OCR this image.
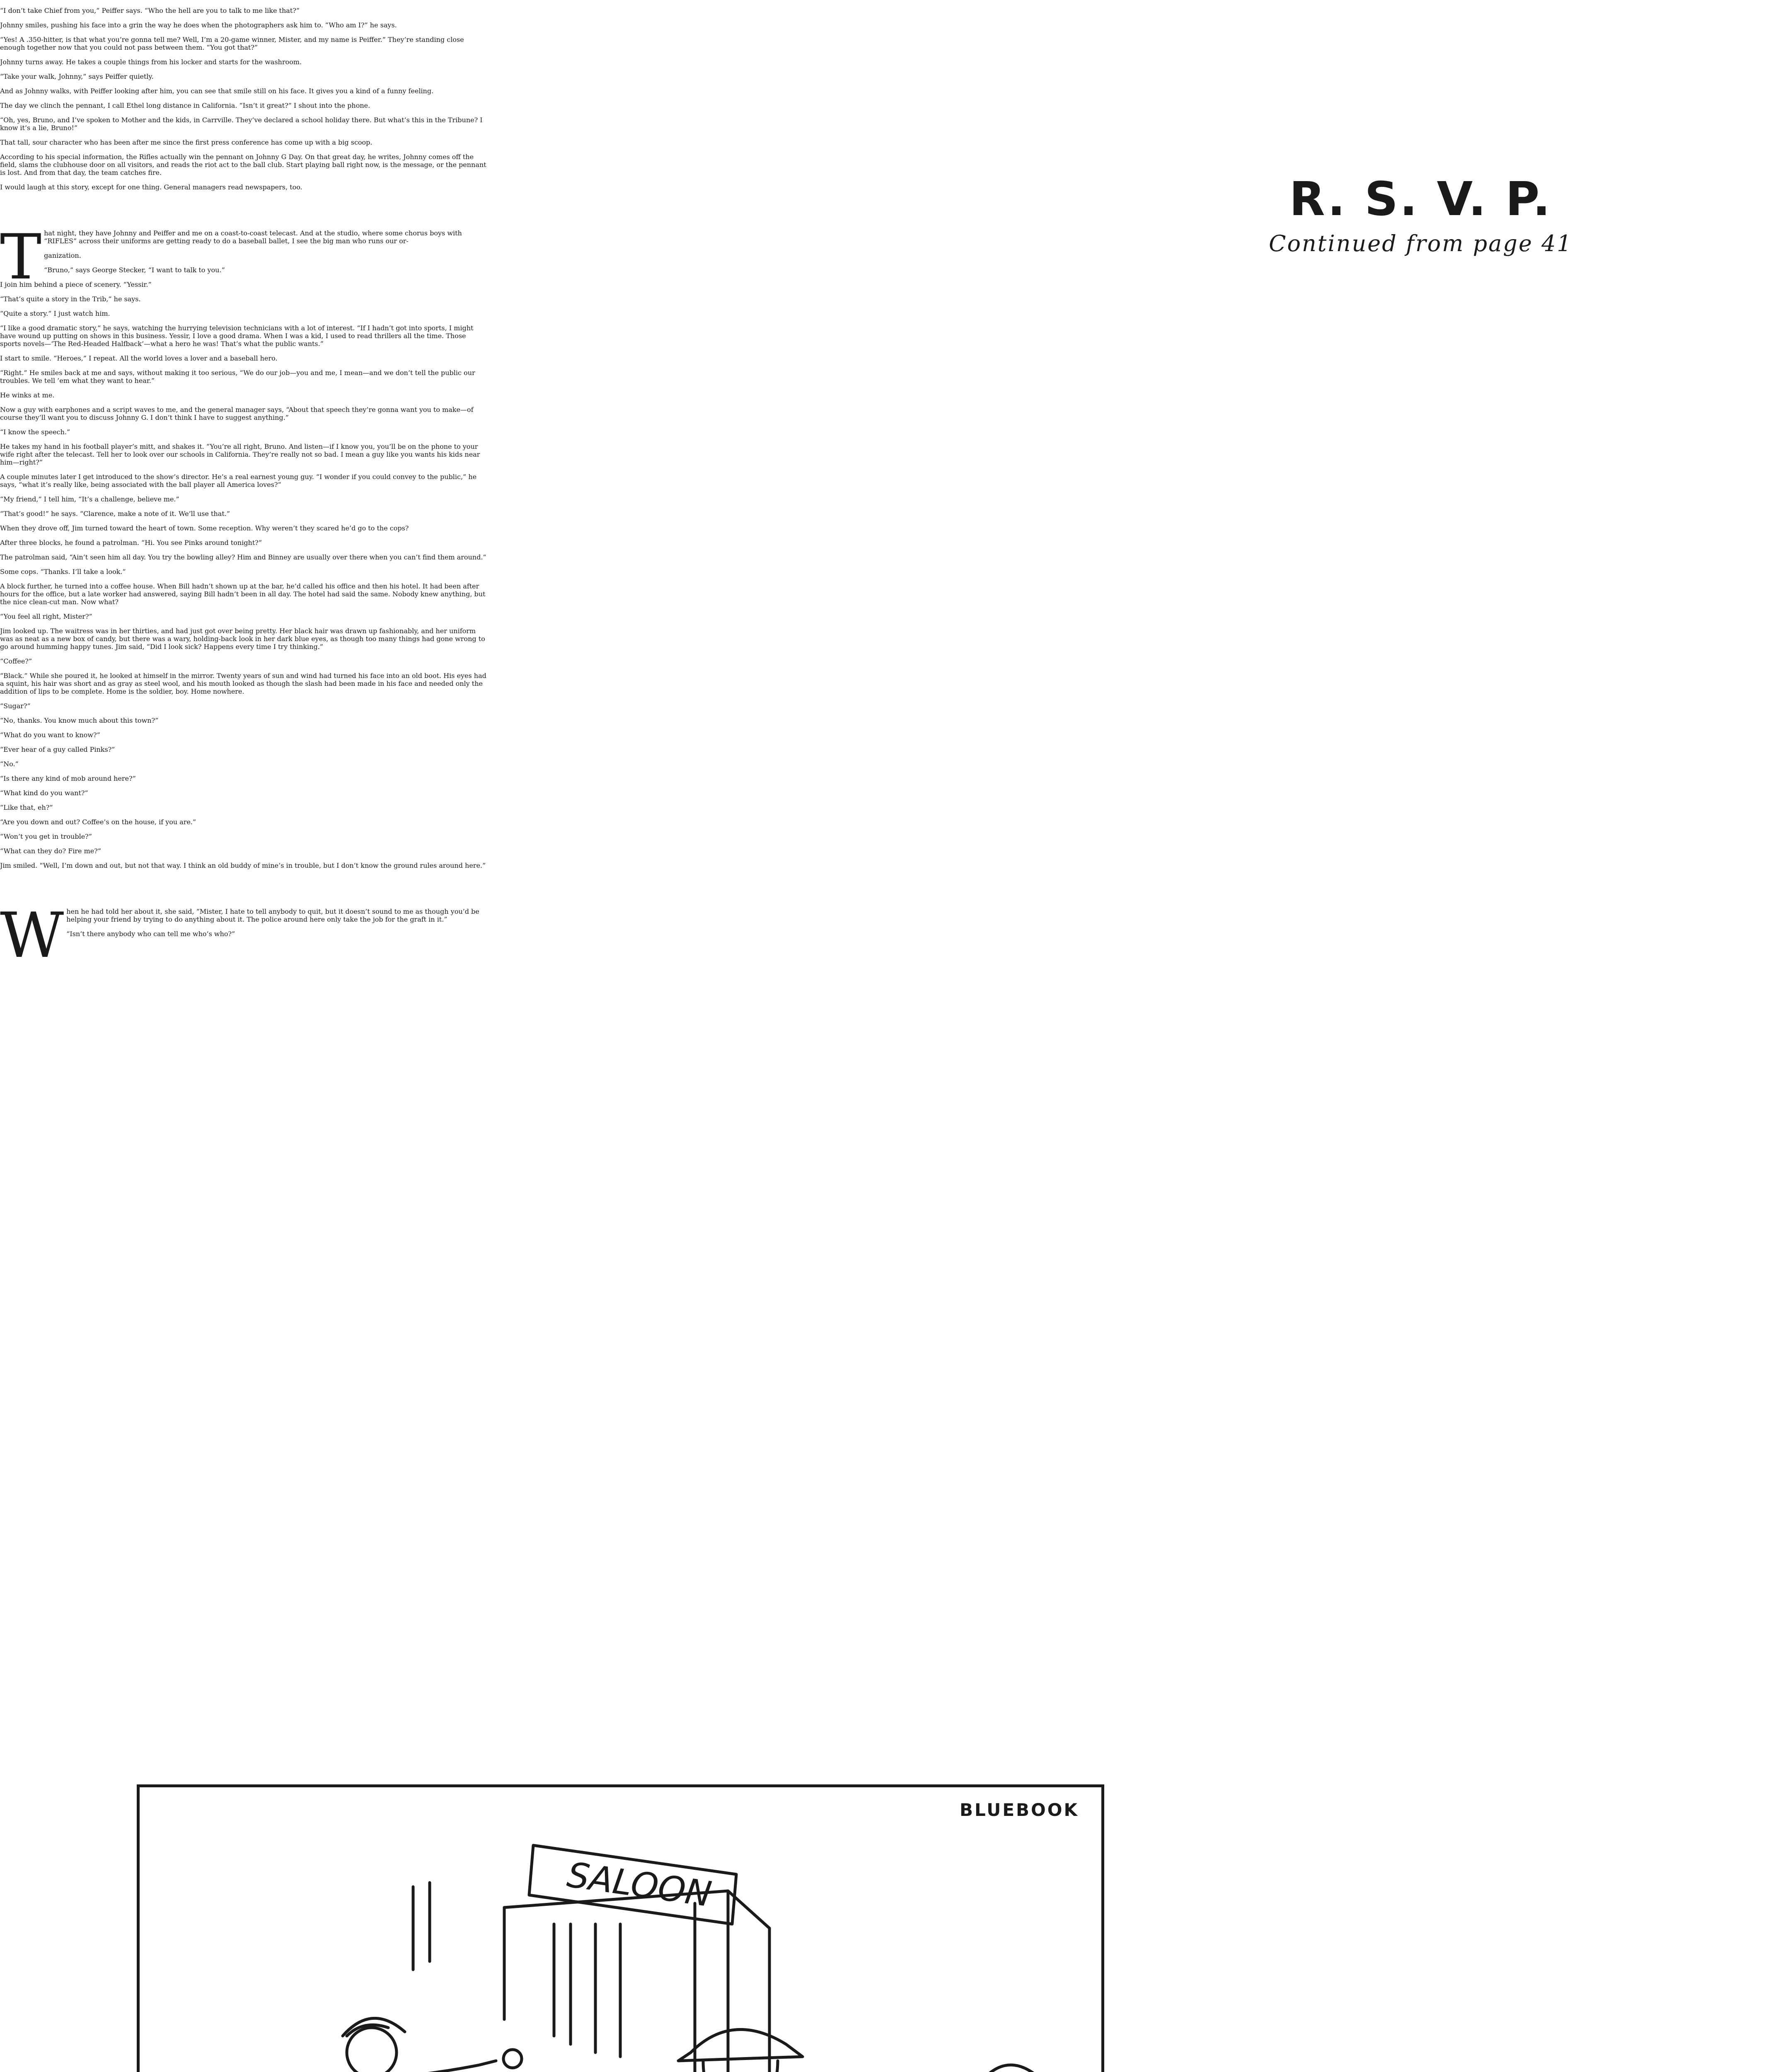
“I don’t take Chief from you,” Peiffer says. “Who the hell are you to talk to me like that?”

Johnny smiles, pushing his face into a grin the way he does when the photographers ask him to. “Who am I?” he says.

“Yes! A .350-hitter, is that what you’re gonna tell me? Well, I’m a 20-game winner, Mister, and my name is Peiffer.” They’re standing close enough together now that you could not pass between them. “You got that?”

Johnny turns away. He takes a couple things from his locker and starts for the washroom.

“Take your walk, Johnny,” says Peiffer quietly.

And as Johnny walks, with Peiffer looking after him, you can see that smile still on his face. It gives you a kind of a funny feeling.

The day we clinch the pennant, I call Ethel long distance in California. “Isn’t it great?” I shout into the phone.

“Oh, yes, Bruno, and I’ve spoken to Mother and the kids, in Carrville. They’ve declared a school holiday there. But what’s this in the Tribune? I know it’s a lie, Bruno!”

That tall, sour character who has been after me since the first press conference has come up with a big scoop.

According to his special information, the Rifles actually win the pennant on Johnny G Day. On that great day, he writes, Johnny comes off the field, slams the clubhouse door on all visitors, and reads the riot act to the ball club. Start playing ball right now, is the message, or the pennant is lost. And from that day, the team catches fire.

I would laugh at this story, except for one thing. General managers read newspapers, too.

That night, they have Johnny and Peiffer and me on a coast-to-coast telecast. And at the studio, where some chorus boys with “RIFLES” across their uniforms are getting ready to do a baseball ballet, I see the big man who runs our or-

ganization.

“Bruno,” says George Stecker, “I want to talk to you.”

I join him behind a piece of scenery. “Yessir.”

“That’s quite a story in the Trib,” he says.

“Quite a story.” I just watch him.

“I like a good dramatic story,” he says, watching the hurrying television technicians with a lot of interest. “If I hadn’t got into sports, I might have wound up putting on shows in this business. Yessir, I love a good drama. When I was a kid, I used to read thrillers all the time. Those sports novels—‘The Red-Headed Halfback’—what a hero he was! That’s what the public wants.”

I start to smile. “Heroes,” I repeat. All the world loves a lover and a baseball hero.

“Right.” He smiles back at me and says, without making it too serious, “We do our job—you and me, I mean—and we don’t tell the public our troubles. We tell ’em what they want to hear.”

He winks at me.

Now a guy with earphones and a script waves to me, and the general manager says, “About that speech they’re gonna want you to make—of course they’ll want you to discuss Johnny G. I don’t think I have to suggest anything.”

“I know the speech.”

He takes my hand in his football player’s mitt, and shakes it. “You’re all right, Bruno. And listen—if I know you, you’ll be on the phone to your wife right after the telecast. Tell her to look over our schools in California. They’re really not so bad. I mean a guy like you wants his kids near him—right?”

A couple minutes later I get introduced to the show’s director. He’s a real earnest young guy. “I wonder if you could convey to the public,” he says, “what it’s really like, being associated with the ball player all America loves?”

“My friend,” I tell him, “It’s a challenge, believe me.”

“That’s good!” he says. “Clarence, make a note of it. We’ll use that.”

R. S. V. P.

Continued from page 41

When they drove off, Jim turned toward the heart of town. Some reception. Why weren’t they scared he’d go to the cops?

After three blocks, he found a patrolman. “Hi. You see Pinks around tonight?”

The patrolman said, “Ain’t seen him all day. You try the bowling alley? Him and Binney are usually over there when you can’t find them around.”

Some cops. “Thanks. I’ll take a look.”

A block further, he turned into a coffee house. When Bill hadn’t shown up at the bar, he’d called his office and then his hotel. It had been after hours for the office, but a late worker had answered, saying Bill hadn’t been in all day. The hotel had said the same. Nobody knew anything, but the nice clean-cut man. Now what?

“You feel all right, Mister?”

Jim looked up. The waitress was in her thirties, and had just got over being pretty. Her black hair was drawn up fashionably, and her uniform was as neat as a new box of candy, but there was a wary, holding-back look in her dark blue eyes, as though too many things had gone wrong to go around humming happy tunes. Jim said, “Did I look sick? Happens every time I try thinking.”

“Coffee?”

“Black.” While she poured it, he looked at himself in the mirror. Twenty years of sun and wind had turned his face into an old boot. His eyes had a squint, his hair was short and as gray as steel wool, and his mouth looked as though the slash had been made in his face and needed only the addition of lips to be complete. Home is the soldier, boy. Home nowhere.

“Sugar?”

“No, thanks. You know much about this town?”

“What do you want to know?”

“Ever hear of a guy called Pinks?”

“No.”

“Is there any kind of mob around here?”

“What kind do you want?”

“Like that, eh?”

“Are you down and out? Coffee’s on the house, if you are.”

“Won’t you get in trouble?”

“What can they do? Fire me?”

Jim smiled. “Well, I’m down and out, but not that way. I think an old buddy of mine’s in trouble, but I don’t know the ground rules around here.”

When he had told her about it, she said, “Mister, I hate to tell anybody to quit, but it doesn’t sound to me as though you’d be helping your friend by trying to do anything about it. The police around here only take the job for the graft in it.”

“Isn’t there anybody who can tell me who’s who?”

BLUEBOOK
SALOON
